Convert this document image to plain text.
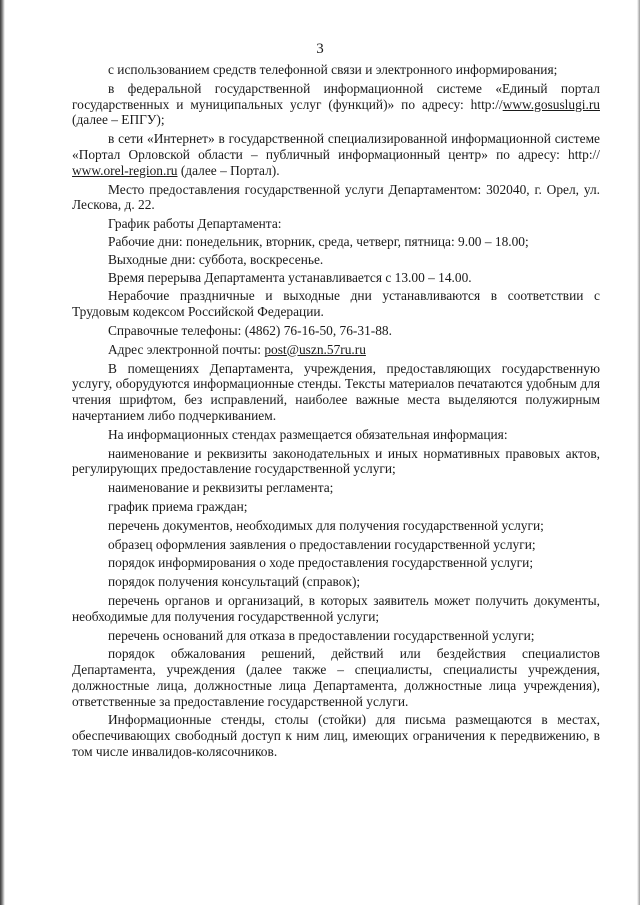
3

с использованием средств телефонной связи и электронного информирования;

в федеральной государственной информационной системе «Единый портал государственных и муниципальных услуг (функций)» по адресу: http://www.gosuslugi.ru (далее – ЕПГУ);

в сети «Интернет» в государственной специализированной информационной системе «Портал Орловской области – публичный информационный центр» по адресу: http:// www.orel-region.ru (далее – Портал).

Место предоставления государственной услуги Департаментом: 302040, г. Орел, ул. Лескова, д. 22.

График работы Департамента:

Рабочие дни: понедельник, вторник, среда, четверг, пятница: 9.00 – 18.00;

Выходные дни: суббота, воскресенье.

Время перерыва Департамента устанавливается с 13.00 – 14.00.

Нерабочие праздничные и выходные дни устанавливаются в соответствии с Трудовым кодексом Российской Федерации.

Справочные телефоны: (4862) 76-16-50, 76-31-88.

Адрес электронной почты: post@uszn.57ru.ru

В помещениях Департамента, учреждения, предоставляющих государственную услугу, оборудуются информационные стенды. Тексты материалов печатаются удобным для чтения шрифтом, без исправлений, наиболее важные места выделяются полужирным начертанием либо подчеркиванием.

На информационных стендах размещается обязательная информация:

наименование и реквизиты законодательных и иных нормативных правовых актов, регулирующих предоставление государственной услуги;

наименование и реквизиты регламента;

график приема граждан;

перечень документов, необходимых для получения государственной услуги;

образец оформления заявления о предоставлении государственной услуги;

порядок информирования о ходе предоставления государственной услуги;

порядок получения консультаций (справок);

перечень органов и организаций, в которых заявитель может получить документы, необходимые для получения государственной услуги;

перечень оснований для отказа в предоставлении государственной услуги;

порядок обжалования решений, действий или бездействия специалистов Департамента, учреждения (далее также – специалисты, специалисты учреждения, должностные лица, должностные лица Департамента, должностные лица учреждения), ответственные за предоставление государственной услуги.

Информационные стенды, столы (стойки) для письма размещаются в местах, обеспечивающих свободный доступ к ним лиц, имеющих ограничения к передвижению, в том числе инвалидов-колясочников.
